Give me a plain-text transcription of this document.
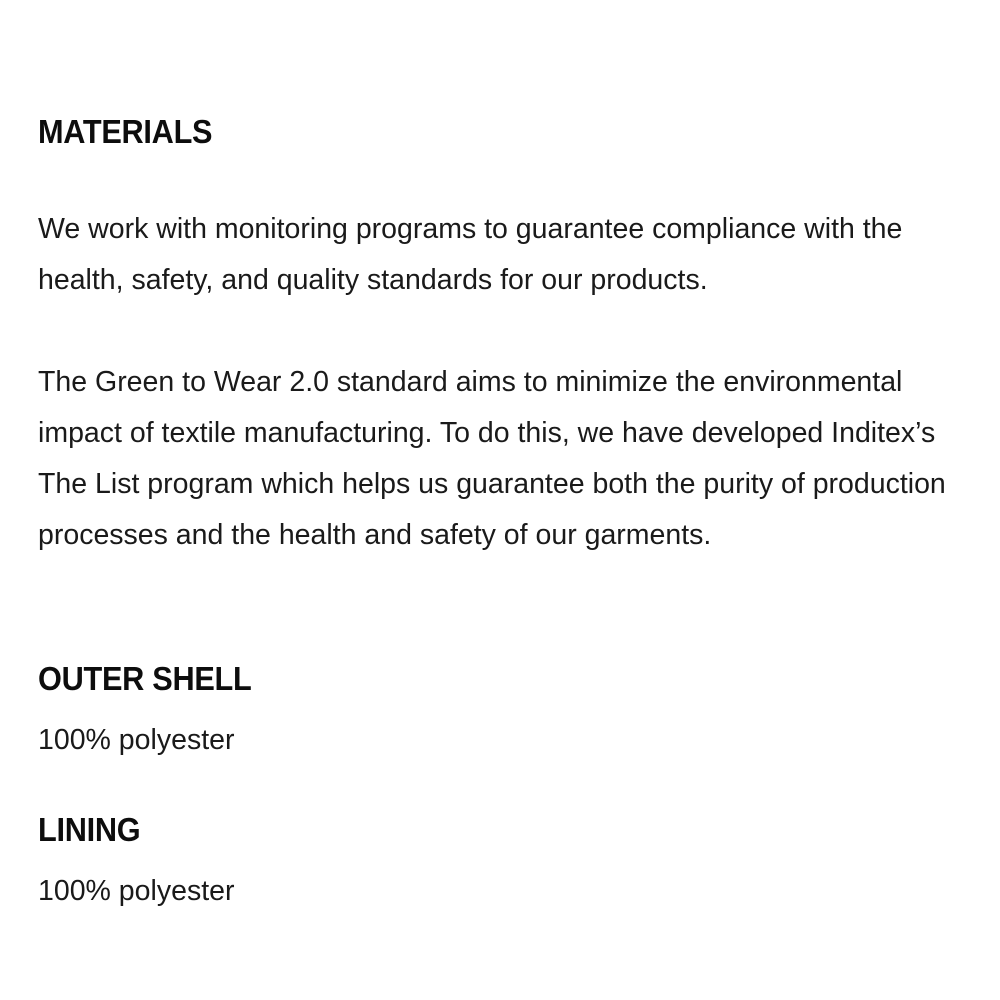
MATERIALS

We work with monitoring programs to guarantee compliance with the health, safety, and quality standards for our products.

The Green to Wear 2.0 standard aims to minimize the environmental impact of textile manufacturing. To do this, we have developed Inditex’s The List program which helps us guarantee both the purity of production processes and the health and safety of our garments.

OUTER SHELL

100% polyester

LINING

100% polyester
